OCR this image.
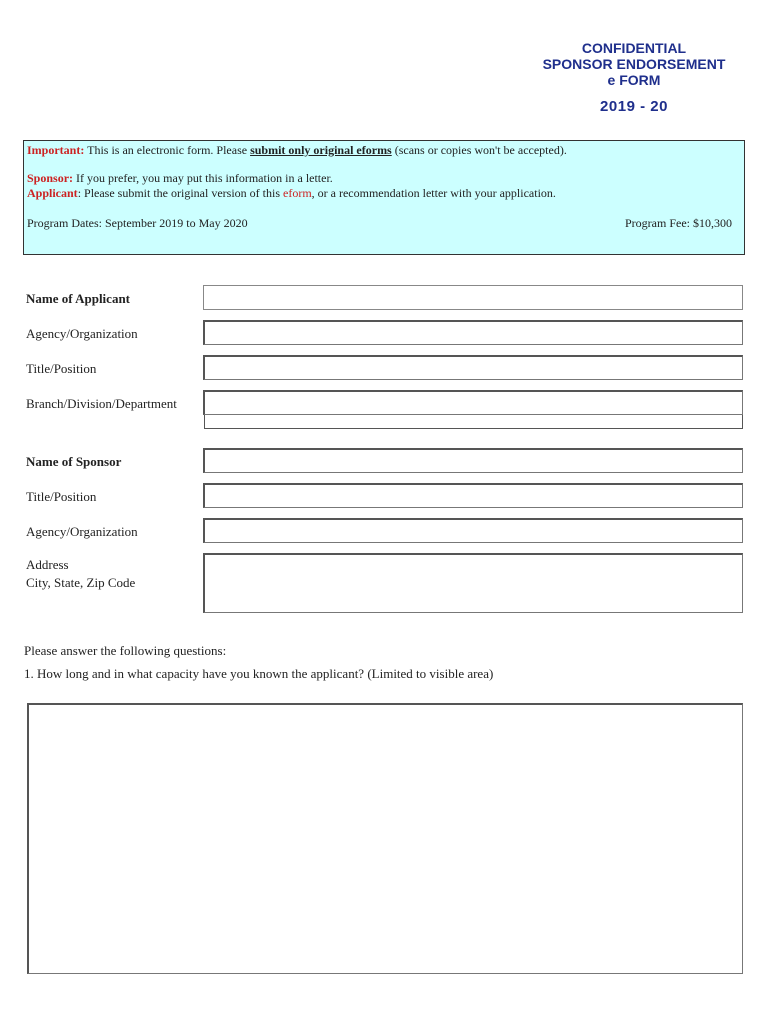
CONFIDENTIAL
SPONSOR ENDORSEMENT
e FORM
2019 - 20

Important: This is an electronic form. Please submit only original eforms (scans or copies won't be accepted).

Sponsor: If you prefer, you may put this information in a letter.

Applicant: Please submit the original version of this eform, or a recommendation letter with your application.

Program Dates: September 2019 to May 2020	Program Fee: $10,300
Name of Applicant
Agency/Organization
Title/Position
Branch/Division/Department
Name of Sponsor
Title/Position
Agency/Organization
Address
City, State, Zip Code
Please answer the following questions:
1. How long and in what capacity have you known the applicant? (Limited to visible area)
